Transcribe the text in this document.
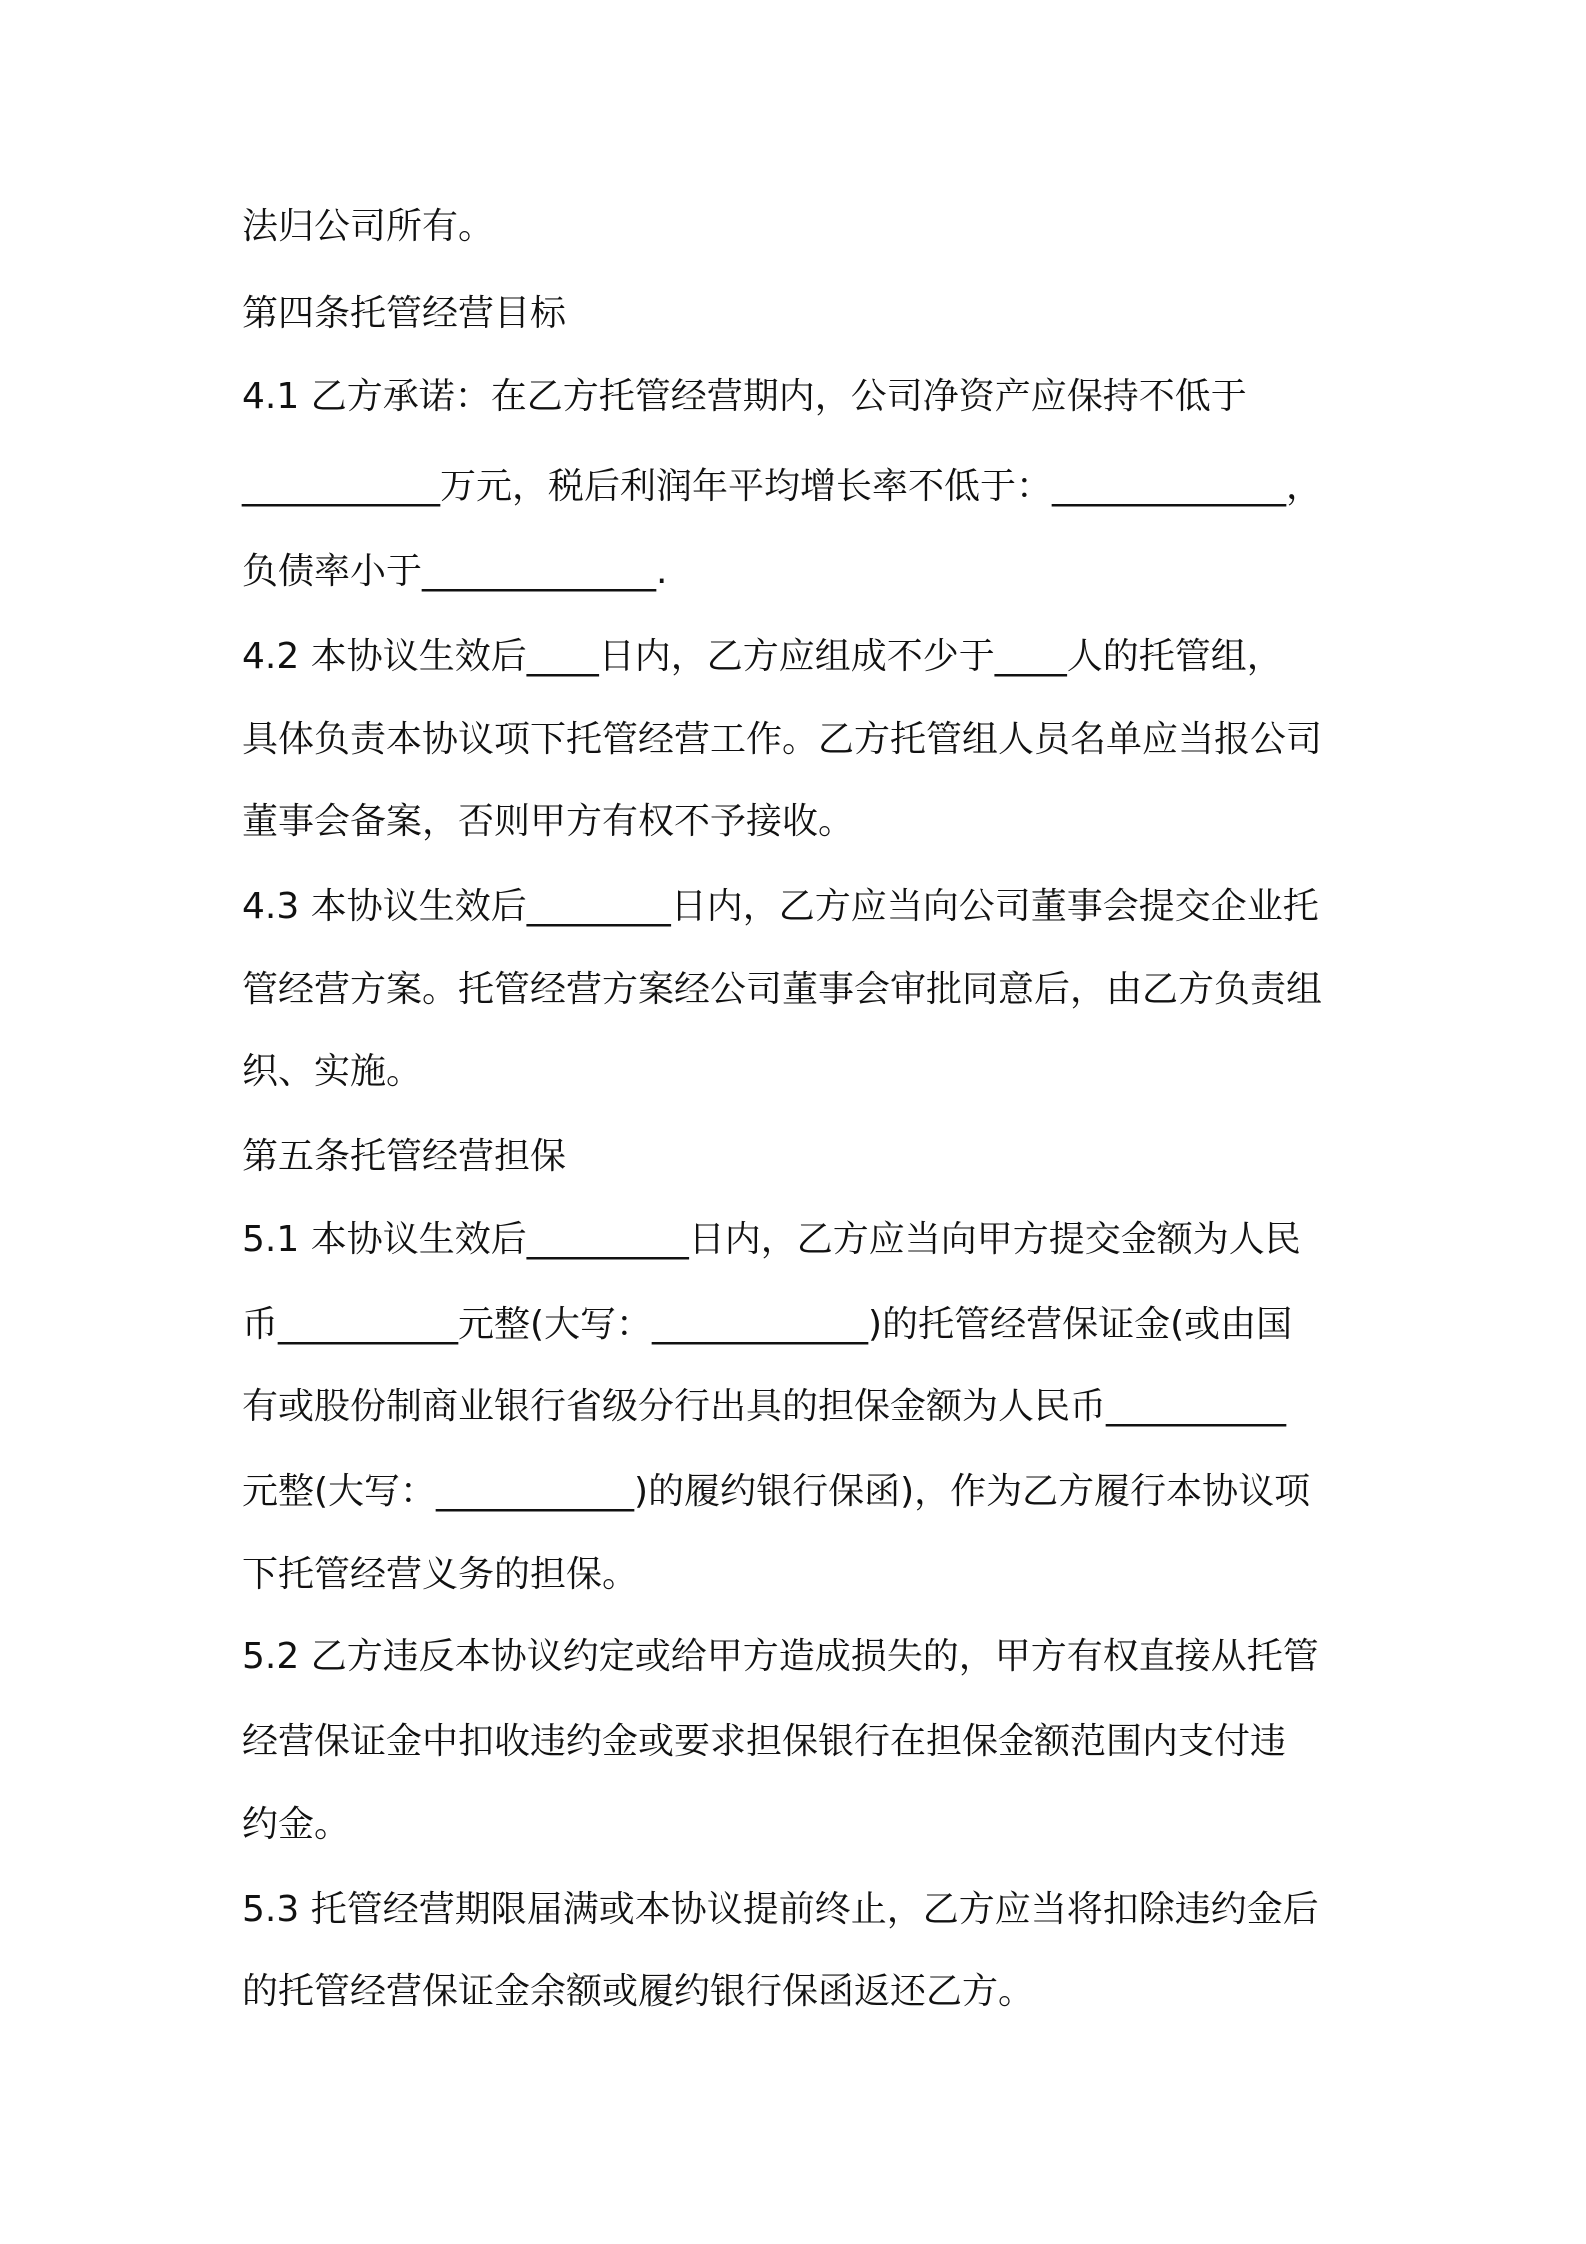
法归公司所有。
第四条托管经营目标
4.1 乙方承诺：在乙方托管经营期内，公司净资产应保持不低于
___________万元，税后利润年平均增长率不低于：_____________，
负债率小于_____________.
4.2 本协议生效后____日内，乙方应组成不少于____人的托管组，
具体负责本协议项下托管经营工作。乙方托管组人员名单应当报公司
董事会备案，否则甲方有权不予接收。
4.3 本协议生效后________日内，乙方应当向公司董事会提交企业托
管经营方案。托管经营方案经公司董事会审批同意后，由乙方负责组
织、实施。
第五条托管经营担保
5.1 本协议生效后_________日内，乙方应当向甲方提交金额为人民
币__________元整(大写：____________)的托管经营保证金(或由国
有或股份制商业银行省级分行出具的担保金额为人民币__________
元整(大写：___________)的履约银行保函)，作为乙方履行本协议项
下托管经营义务的担保。
5.2 乙方违反本协议约定或给甲方造成损失的，甲方有权直接从托管
经营保证金中扣收违约金或要求担保银行在担保金额范围内支付违
约金。
5.3 托管经营期限届满或本协议提前终止，乙方应当将扣除违约金后
的托管经营保证金余额或履约银行保函返还乙方。
